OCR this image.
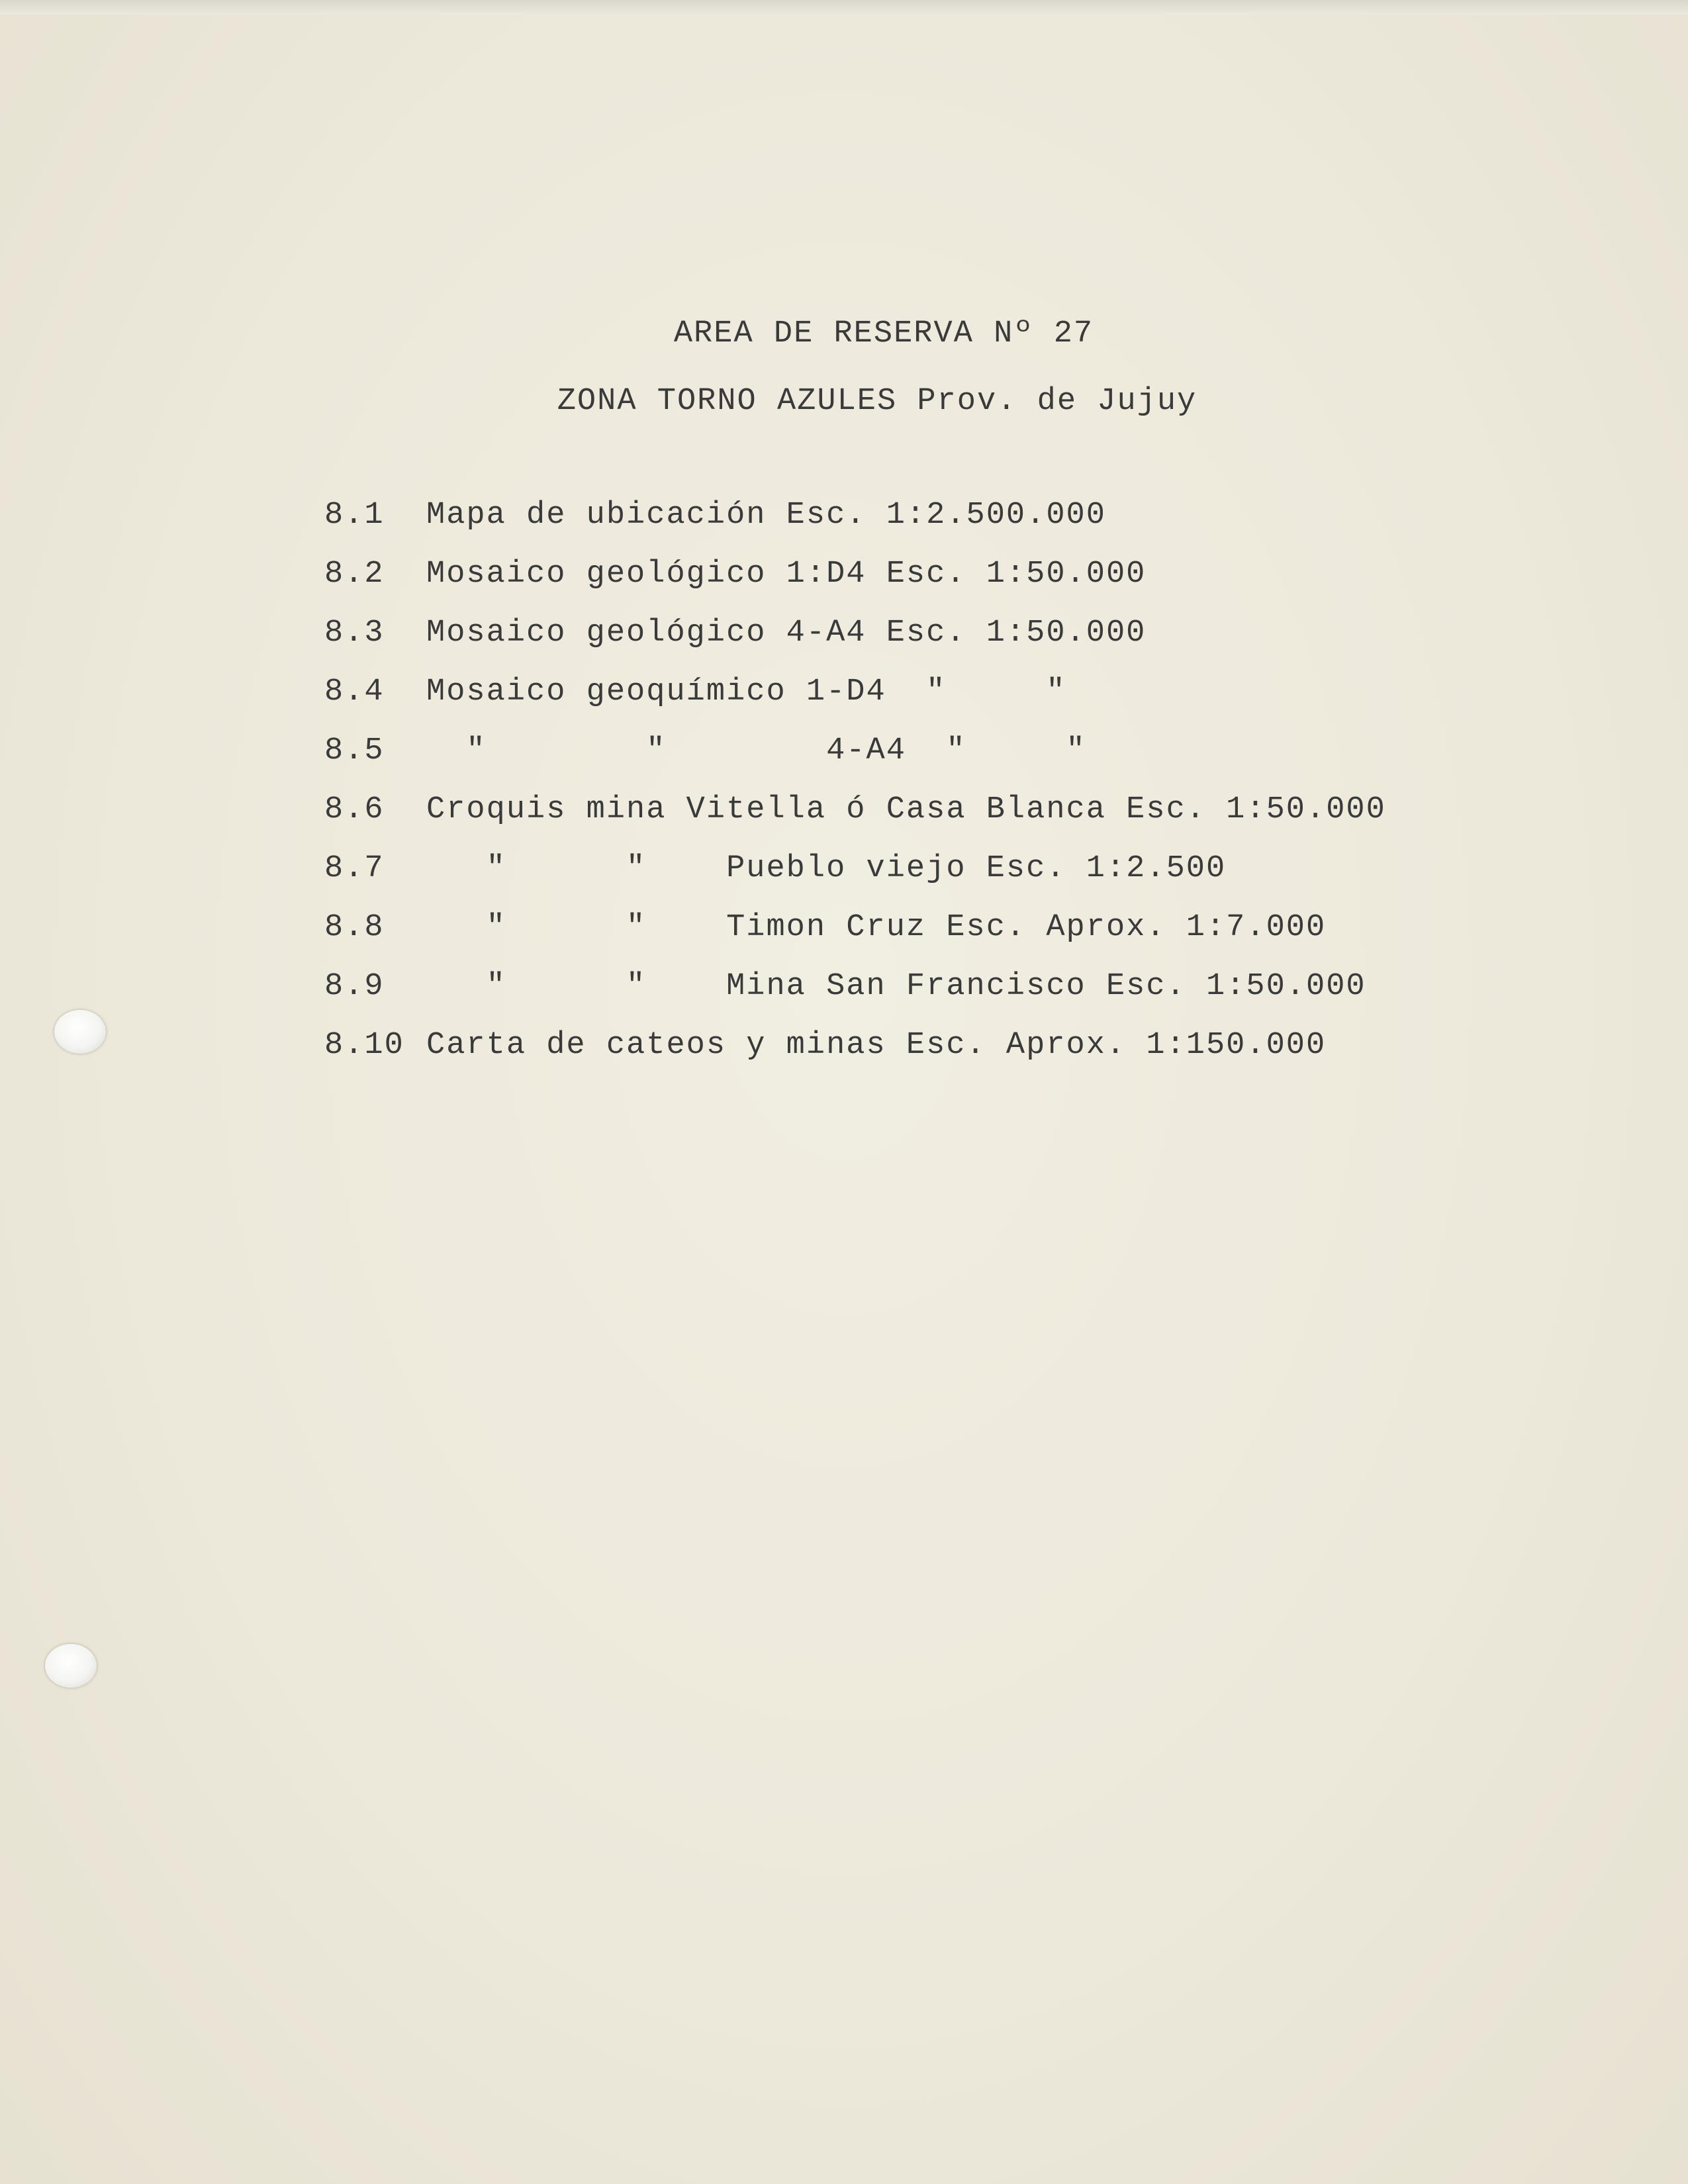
AREA DE RESERVA Nº 27
ZONA TORNO AZULES Prov. de Jujuy
8.1	Mapa de ubicación Esc. 1:2.500.000
8.2	Mosaico geológico 1:D4 Esc. 1:50.000
8.3	Mosaico geológico 4-A4 Esc. 1:50.000
8.4	Mosaico geoquímico 1-D4  "     "
8.5	"        "        4-A4  "     "
8.6	Croquis mina Vitella ó Casa Blanca Esc. 1:50.000
8.7	"      "    Pueblo viejo Esc. 1:2.500
8.8	"      "    Timon Cruz Esc. Aprox. 1:7.000
8.9	"      "    Mina San Francisco Esc. 1:50.000
8.10 Carta de cateos y minas Esc. Aprox. 1:150.000
